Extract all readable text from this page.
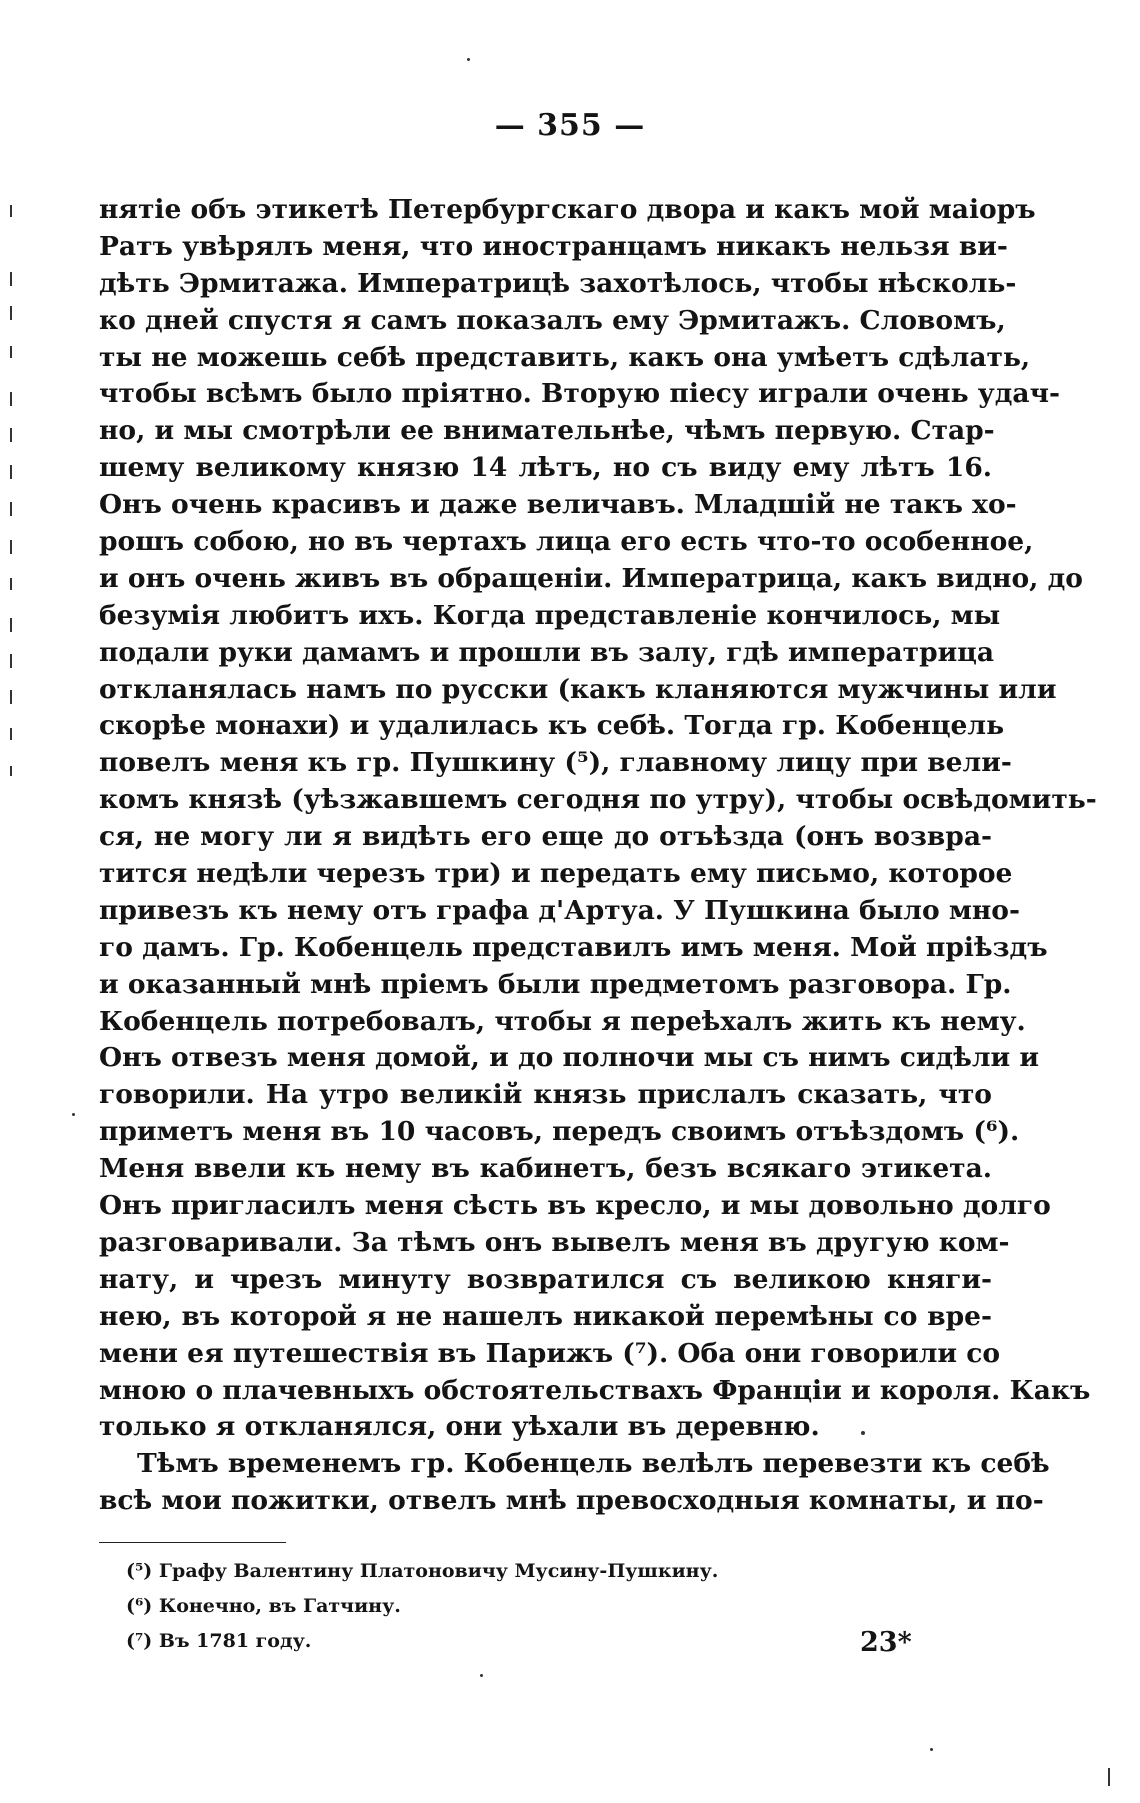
— 355 —
нятіе объ этикетѣ Петербургскаго двора и какъ мой маіоръ
Ратъ увѣрялъ меня, что иностранцамъ никакъ нельзя ви-
дѣть Эрмитажа. Императрицѣ захотѣлось, чтобы нѣсколь-
ко дней спустя я самъ показалъ ему Эрмитажъ. Словомъ,
ты не можешь себѣ представить, какъ она умѣетъ сдѣлать,
чтобы всѣмъ было пріятно. Вторую піесу играли очень удач-
но, и мы смотрѣли ее внимательнѣе, чѣмъ первую. Стар-
шему великому князю 14 лѣтъ, но съ виду ему лѣтъ 16.
Онъ очень красивъ и даже величавъ. Младшій не такъ хо-
рошъ собою, но въ чертахъ лица его есть что-то особенное,
и онъ очень живъ въ обращеніи. Императрица, какъ видно, до
безумія любитъ ихъ. Когда представленіе кончилось, мы
подали руки дамамъ и прошли въ залу, гдѣ императрица
откланялась намъ по русски (какъ кланяются мужчины или
скорѣе монахи) и удалилась къ себѣ. Тогда гр. Кобенцель
повелъ меня къ гр. Пушкину (⁵), главному лицу при вели-
комъ князѣ (уѣзжавшемъ сегодня по утру), чтобы освѣдомить-
ся, не могу ли я видѣть его еще до отъѣзда (онъ возвра-
тится недѣли черезъ три) и передать ему письмо, которое
привезъ къ нему отъ графа д'Артуа. У Пушкина было мно-
го дамъ. Гр. Кобенцель представилъ имъ меня. Мой пріѣздъ
и оказанный мнѣ пріемъ были предметомъ разговора. Гр.
Кобенцель потребовалъ, чтобы я переѣхалъ жить къ нему.
Онъ отвезъ меня домой, и до полночи мы съ нимъ сидѣли и
говорили. На утро великій князь прислалъ сказать, что
приметъ меня въ 10 часовъ, передъ своимъ отъѣздомъ (⁶).
Меня ввели къ нему въ кабинетъ, безъ всякаго этикета.
Онъ пригласилъ меня сѣсть въ кресло, и мы довольно долго
разговаривали. За тѣмъ онъ вывелъ меня въ другую ком-
нату, и чрезъ минуту возвратился съ великою княги-
нею, въ которой я не нашелъ никакой перемѣны со вре-
мени ея путешествія въ Парижъ (⁷). Оба они говорили со
мною о плачевныхъ обстоятельствахъ Франціи и короля. Какъ
только я откланялся, они уѣхали въ деревню.
Тѣмъ временемъ гр. Кобенцель велѣлъ перевезти къ себѣ
всѣ мои пожитки, отвелъ мнѣ превосходныя комнаты, и по-
(⁵) Графу Валентину Платоновичу Мусину-Пушкину.
(⁶) Конечно, въ Гатчину.
(⁷) Въ 1781 году.	23*
